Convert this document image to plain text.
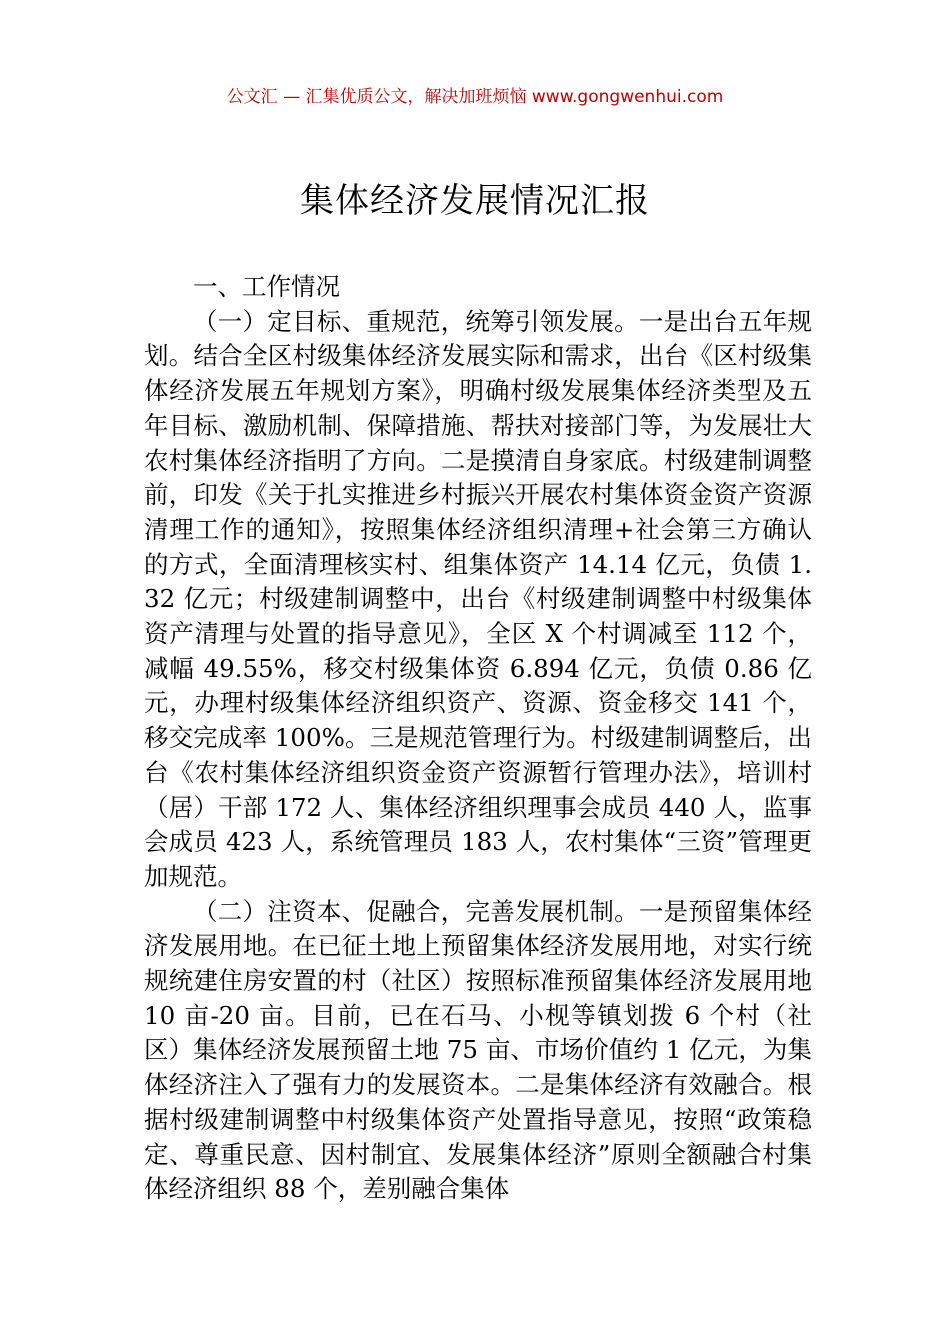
公文汇 — 汇集优质公文，解决加班烦恼 www.gongwenhui.com
集体经济发展情况汇报

一、工作情况

（一）定目标、重规范，统筹引领发展。一是出台五年规划。结合全区村级集体经济发展实际和需求，出台《区村级集体经济发展五年规划方案》，明确村级发展集体经济类型及五年目标、激励机制、保障措施、帮扶对接部门等，为发展壮大农村集体经济指明了方向。二是摸清自身家底。村级建制调整前，印发《关于扎实推进乡村振兴开展农村集体资金资产资源清理工作的通知》，按照集体经济组织清理+社会第三方确认的方式，全面清理核实村、组集体资产 14.14 亿元，负债 1.32 亿元；村级建制调整中，出台《村级建制调整中村级集体资产清理与处置的指导意见》，全区 X 个村调减至 112 个，减幅 49.55%，移交村级集体资 6.894 亿元，负债 0.86 亿元，办理村级集体经济组织资产、资源、资金移交 141 个，移交完成率 100%。三是规范管理行为。村级建制调整后，出台《农村集体经济组织资金资产资源暂行管理办法》，培训村（居）干部 172 人、集体经济组织理事会成员 440 人，监事会成员 423 人，系统管理员 183 人，农村集体“三资”管理更加规范。

（二）注资本、促融合，完善发展机制。一是预留集体经济发展用地。在已征土地上预留集体经济发展用地，对实行统规统建住房安置的村（社区）按照标准预留集体经济发展用地 10 亩-20 亩。目前，已在石马、小枧等镇划拨 6 个村（社区）集体经济发展预留土地 75 亩、市场价值约 1 亿元，为集体经济注入了强有力的发展资本。二是集体经济有效融合。根据村级建制调整中村级集体资产处置指导意见，按照“政策稳定、尊重民意、因村制宜、发展集体经济”原则全额融合村集体经济组织 88 个，差别融合集体
